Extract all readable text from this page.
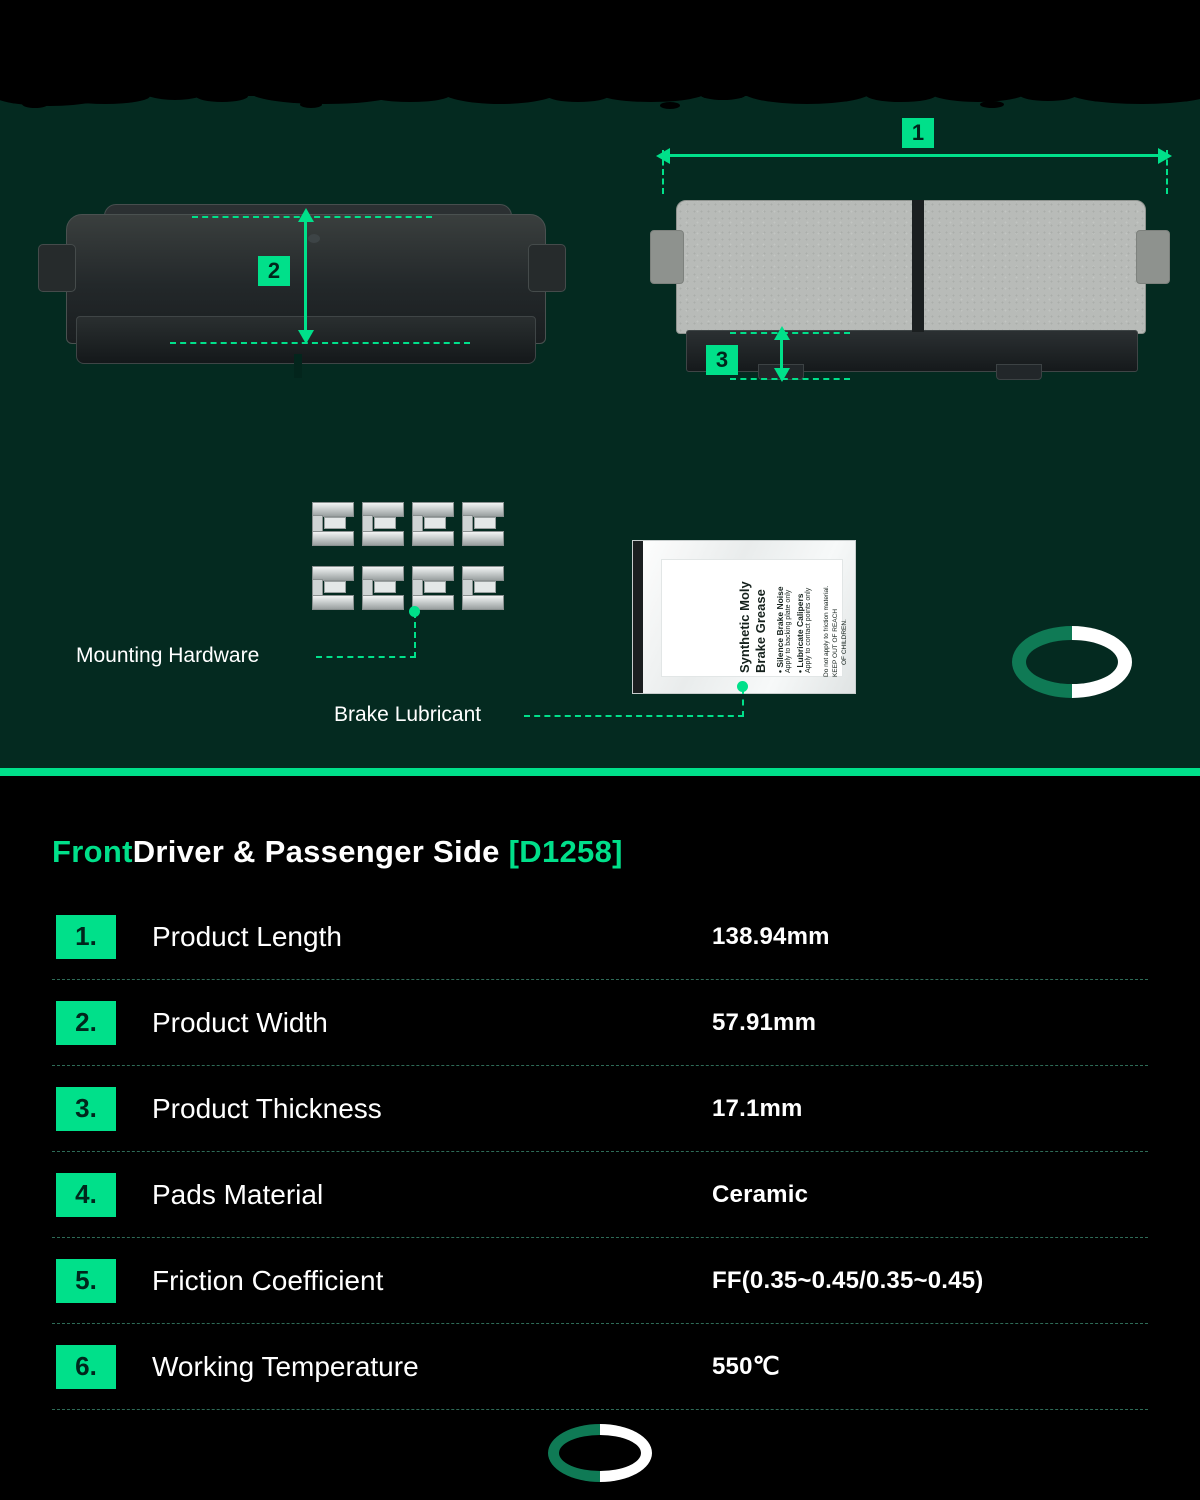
1
2
3
Synthetic Moly Brake Grease • Silence Brake Noise Apply to backing plate only • Lubricate Calipers Apply to contact points only Do not apply to friction material. KEEP OUT OF REACH OF CHILDREN.
Mounting Hardware
Brake Lubricant
FrontDriver & Passenger Side [D1258]
1.	Product Length	138.94mm
2.	Product Width	57.91mm
3.	Product Thickness	17.1mm
4.	Pads Material	Ceramic
5.	Friction Coefficient	FF(0.35~0.45/0.35~0.45)
6.	Working Temperature	550℃
